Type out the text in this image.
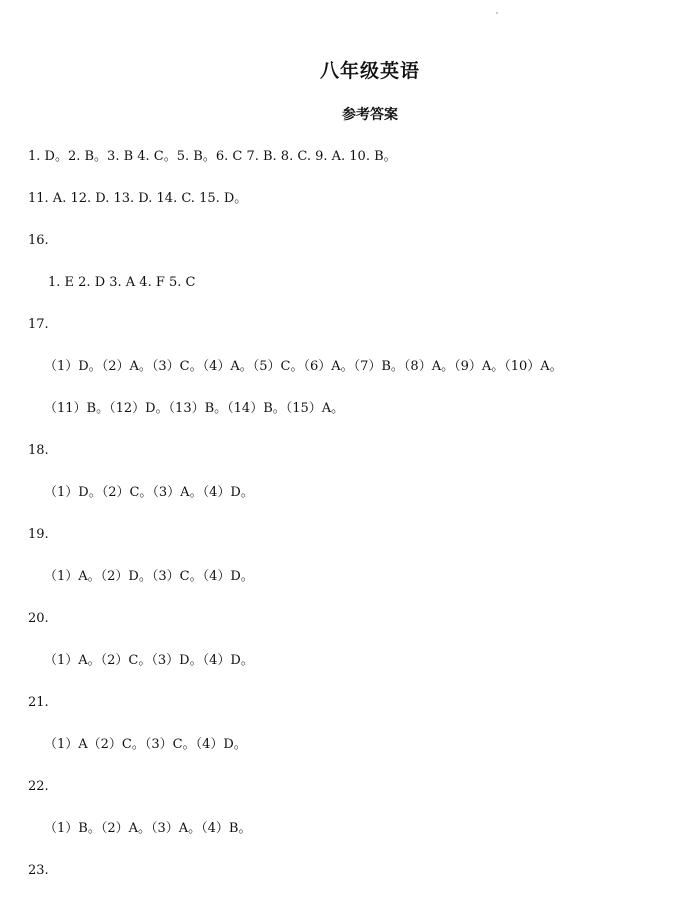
八年级英语
参考答案
1. D。2. B。3. B 4. C。5. B。6. C 7. B. 8. C. 9. A. 10. B。
11. A. 12. D. 13. D. 14. C. 15. D。
16.
1. E 2. D 3. A 4. F 5. C
17.
（1）D。（2）A。（3）C。（4）A。（5）C。（6）A。（7）B。（8）A。（9）A。（10）A。
（11）B。（12）D。（13）B。（14）B。（15）A。
18.
（1）D。（2）C。（3）A。（4）D。
19.
（1）A。（2）D。（3）C。（4）D。
20.
（1）A。（2）C。（3）D。（4）D。
21.
（1）A（2）C。（3）C。（4）D。
22.
（1）B。（2）A。（3）A。（4）B。
23.
